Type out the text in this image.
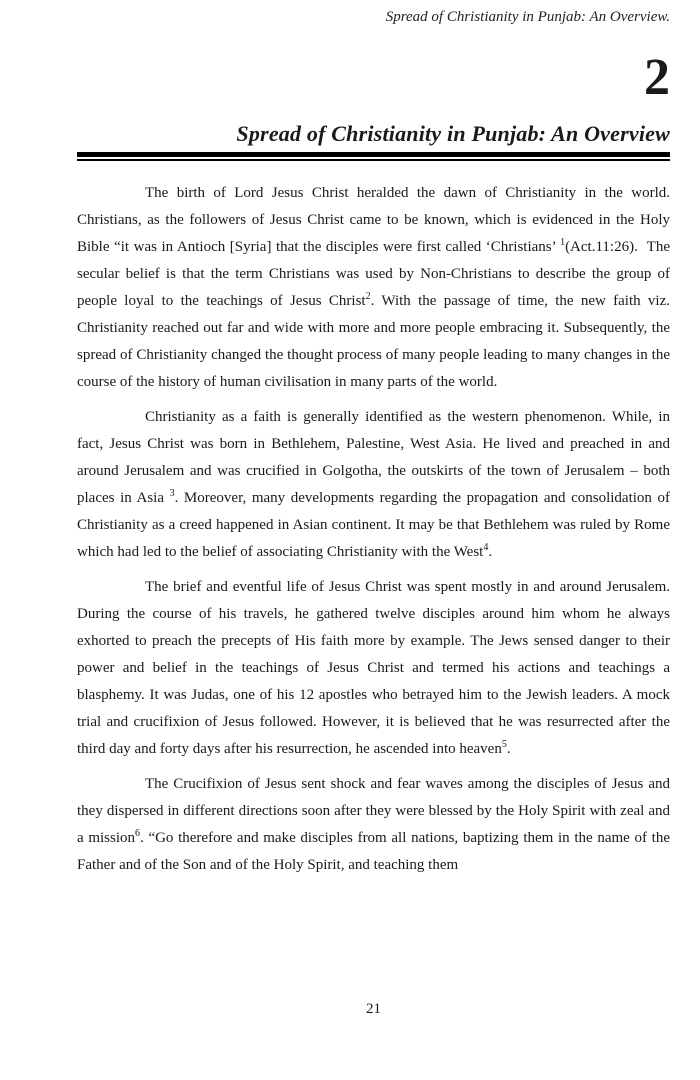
Spread of Christianity in Punjab: An Overview.
2
Spread of Christianity in Punjab: An Overview

The birth of Lord Jesus Christ heralded the dawn of Christianity in the world. Christians, as the followers of Jesus Christ came to be known, which is evidenced in the Holy Bible “it was in Antioch [Syria] that the disciples were first called ‘Christians’ $^1$(Act.11:26).  The secular belief is that the term Christians was used by Non-Christians to describe the group of people loyal to the teachings of Jesus Christ$^2$. With the passage of time, the new faith viz. Christianity reached out far and wide with more and more people embracing it. Subsequently, the spread of Christianity changed the thought process of many people leading to many changes in the course of the history of human civilisation in many parts of the world.

Christianity as a faith is generally identified as the western phenomenon. While, in fact, Jesus Christ was born in Bethlehem, Palestine, West Asia. He lived and preached in and around Jerusalem and was crucified in Golgotha, the outskirts of the town of Jerusalem – both places in Asia $^3$. Moreover, many developments regarding the propagation and consolidation of Christianity as a creed happened in Asian continent. It may be that Bethlehem was ruled by Rome which had led to the belief of associating Christianity with the West$^4$.

The brief and eventful life of Jesus Christ was spent mostly in and around Jerusalem. During the course of his travels, he gathered twelve disciples around him whom he always exhorted to preach the precepts of His faith more by example. The Jews sensed danger to their power and belief in the teachings of Jesus Christ and termed his actions and teachings a blasphemy. It was Judas, one of his 12 apostles who betrayed him to the Jewish leaders. A mock trial and crucifixion of Jesus followed. However, it is believed that he was resurrected after the third day and forty days after his resurrection, he ascended into heaven$^5$.

The Crucifixion of Jesus sent shock and fear waves among the disciples of Jesus and they dispersed in different directions soon after they were blessed by the Holy Spirit with zeal and a mission$^6$. “Go therefore and make disciples from all nations, baptizing them in the name of the Father and of the Son and of the Holy Spirit, and teaching them

21
